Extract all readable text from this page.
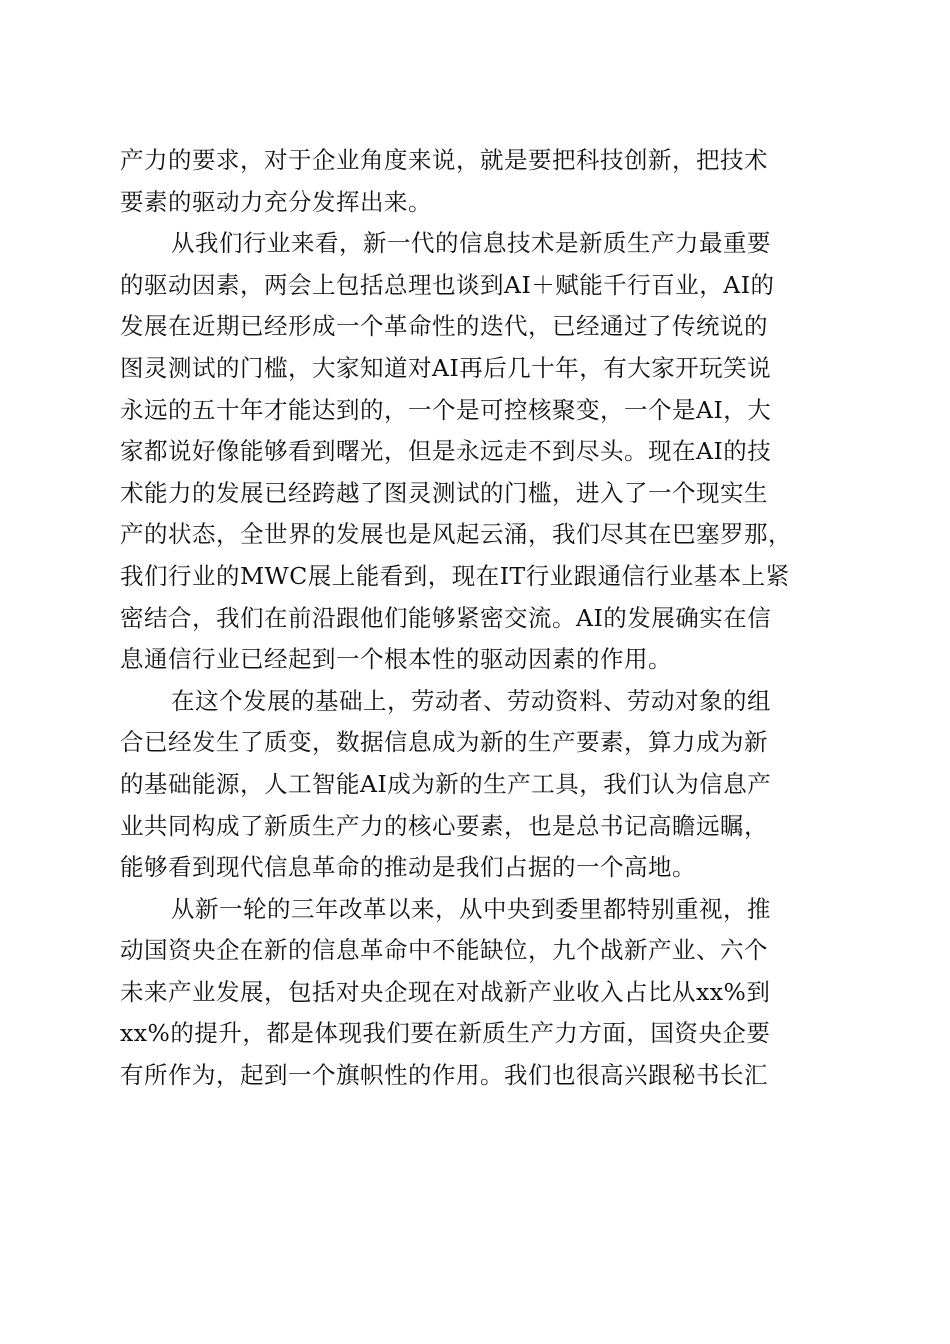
产力的要求，对于企业角度来说，就是要把科技创新，把技术
要素的驱动力充分发挥出来。
从我们行业来看，新一代的信息技术是新质生产力最重要
的驱动因素，两会上包括总理也谈到AI＋赋能千行百业，AI的
发展在近期已经形成一个革命性的迭代，已经通过了传统说的
图灵测试的门槛，大家知道对AI再后几十年，有大家开玩笑说
永远的五十年才能达到的，一个是可控核聚变，一个是AI，大
家都说好像能够看到曙光，但是永远走不到尽头。现在AI的技
术能力的发展已经跨越了图灵测试的门槛，进入了一个现实生
产的状态，全世界的发展也是风起云涌，我们尽其在巴塞罗那，
我们行业的MWC展上能看到，现在IT行业跟通信行业基本上紧
密结合，我们在前沿跟他们能够紧密交流。AI的发展确实在信
息通信行业已经起到一个根本性的驱动因素的作用。
在这个发展的基础上，劳动者、劳动资料、劳动对象的组
合已经发生了质变，数据信息成为新的生产要素，算力成为新
的基础能源，人工智能AI成为新的生产工具，我们认为信息产
业共同构成了新质生产力的核心要素，也是总书记高瞻远瞩，
能够看到现代信息革命的推动是我们占据的一个高地。
从新一轮的三年改革以来，从中央到委里都特别重视，推
动国资央企在新的信息革命中不能缺位，九个战新产业、六个
未来产业发展，包括对央企现在对战新产业收入占比从xx%到
xx%的提升，都是体现我们要在新质生产力方面，国资央企要
有所作为，起到一个旗帜性的作用。我们也很高兴跟秘书长汇
